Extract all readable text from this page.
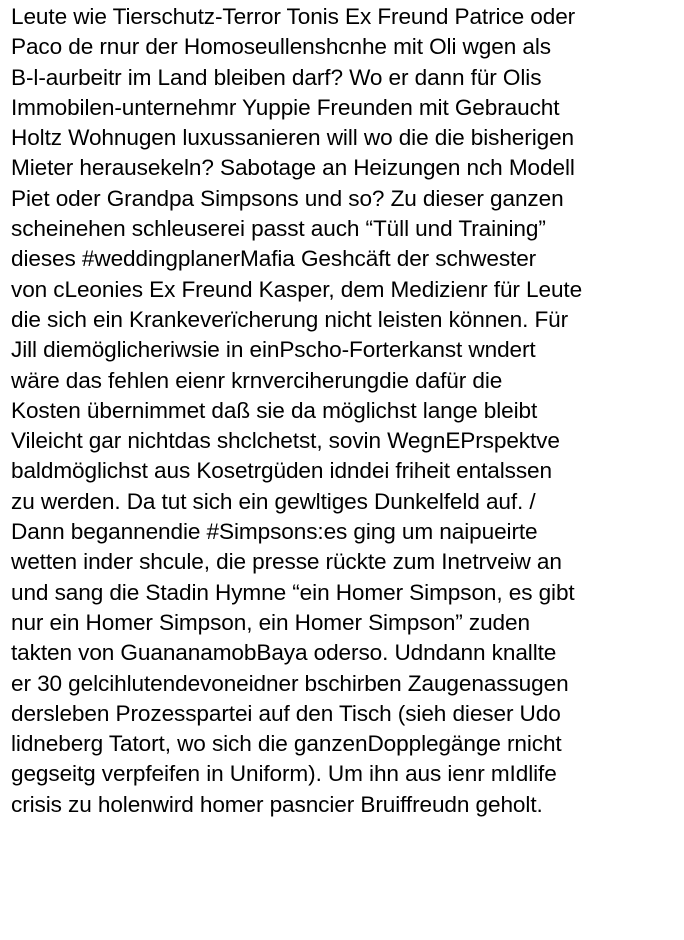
Leute wie Tierschutz-Terror Tonis Ex Freund Patrice oder
Paco de rnur der Homoseullenshcnhe mit Oli wgen als
B-l-aurbeitr im Land bleiben darf? Wo er dann für Olis
Immobilen-unternehmr Yuppie Freunden mit Gebraucht
Holtz Wohnugen luxussanieren will wo die die bisherigen
Mieter herausekeln? Sabotage an Heizungen nch Modell
Piet oder Grandpa Simpsons und so? Zu dieser ganzen
scheinehen schleuserei passt auch “Tüll und Training”
dieses #weddingplanerMafia Geshcäft der schwester
von cLeonies Ex Freund Kasper, dem Medizienr für Leute
die sich ein Krankeverïcherung nicht leisten können. Für
Jill diemöglicheriwsie in einPscho-Forterkanst wndert
wäre das fehlen eienr krnverciherungdie dafür die
Kosten übernimmet daß sie da möglichst lange bleibt
Vileicht gar nichtdas shclchetst, sovin WegnEPrspektve
baldmöglichst aus Kosetrgüden idndei friheit entalssen
zu werden. Da tut sich ein gewltiges Dunkelfeld auf. /
Dann begannendie #Simpsons:es ging um naipueirte
wetten inder shcule, die presse rückte zum Inetrveiw an
und sang die Stadin Hymne “ein Homer Simpson, es gibt
nur ein Homer Simpson, ein Homer Simpson” zuden
takten von GuananamobBaya oderso. Udndann knallte
er 30 gelcihlutendevoneidner bschirben Zaugenassugen
dersleben Prozesspartei auf den Tisch (sieh dieser Udo
lidneberg Tatort, wo sich die ganzenDopplegänge rnicht
gegseitg verpfeifen in Uniform). Um ihn aus ienr mIdlife
crisis zu holenwird homer pasncier Bruiffreudn geholt.
